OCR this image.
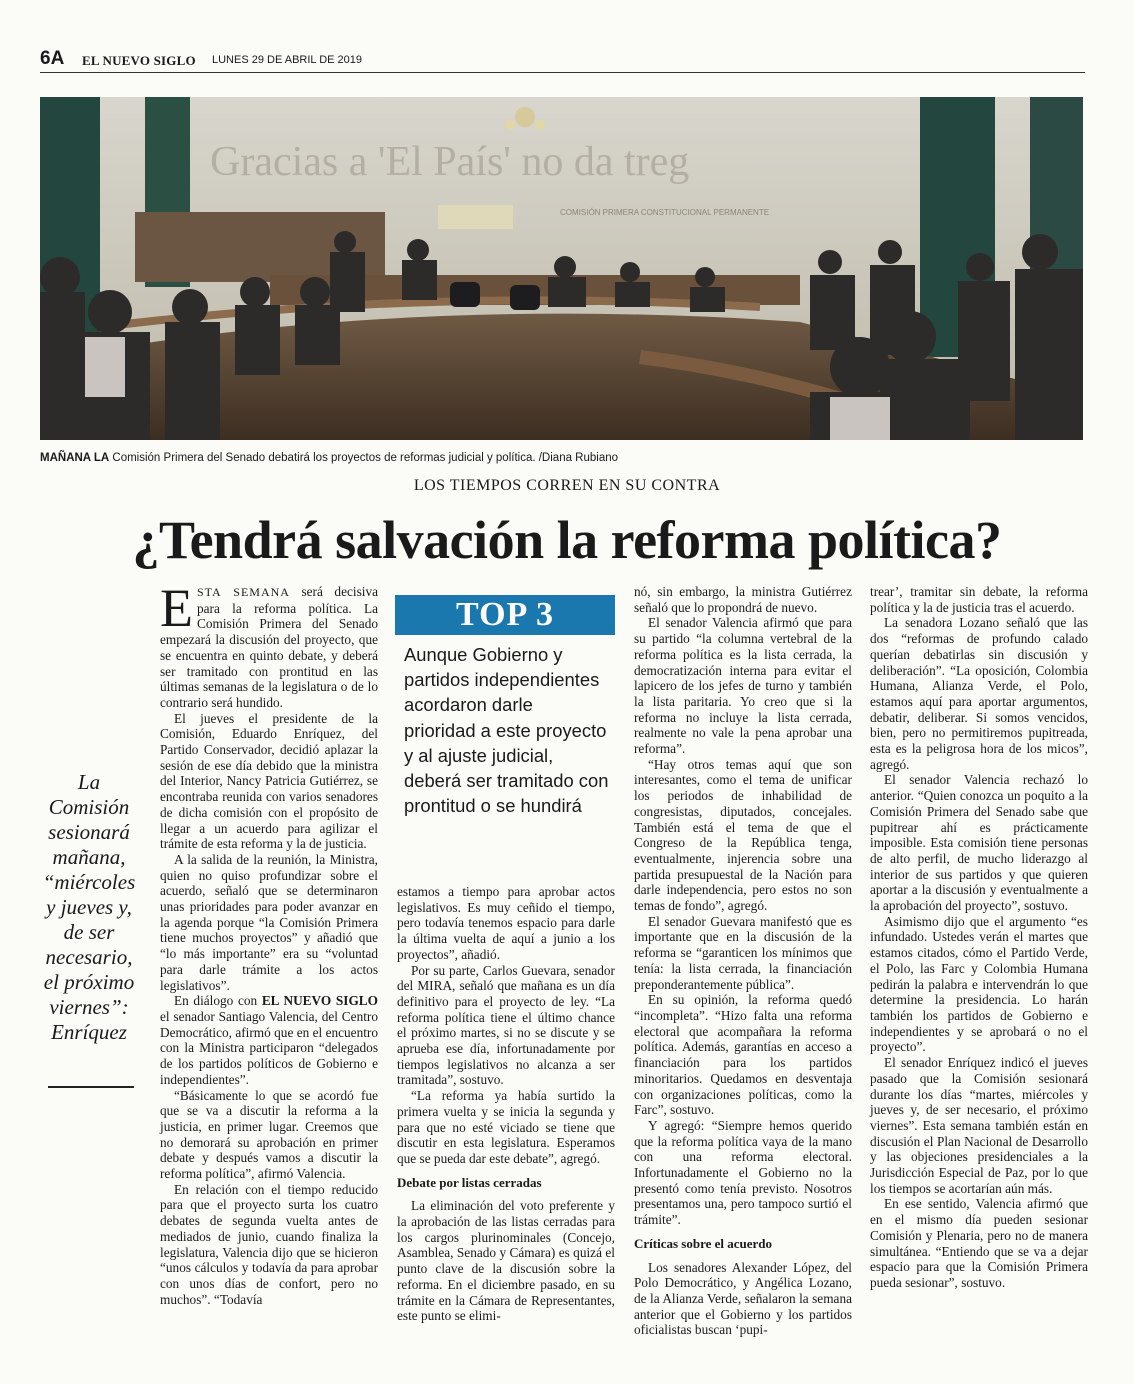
6A EL NUEVO SIGLO LUNES 29 DE ABRIL DE 2019
Gracias a 'El País' no da treg
COMISIÓN PRIMERA CONSTITUCIONAL PERMANENTE
MAÑANA LA Comisión Primera del Senado debatirá los proyectos de reformas judicial y política. /Diana Rubiano
LOS TIEMPOS CORREN EN SU CONTRA
¿Tendrá salvación la reforma política?
La Comisión sesionará mañana, “miércoles y jueves y, de ser necesario, el próximo viernes”: Enríquez

ESTA SEMANA será decisiva para la reforma política. La Comisión Primera del Senado empezará la discusión del proyecto, que se encuentra en quinto debate, y deberá ser tramitado con prontitud en las últimas semanas de la legislatura o de lo contrario será hundido.

El jueves el presidente de la Comisión, Eduardo Enríquez, del Partido Conservador, decidió aplazar la sesión de ese día debido que la ministra del Interior, Nancy Patricia Gutiérrez, se encontraba reunida con varios senadores de dicha comisión con el propósito de llegar a un acuerdo para agilizar el trámite de esta reforma y la de justicia.

A la salida de la reunión, la Ministra, quien no quiso profundizar sobre el acuerdo, señaló que se determinaron unas prioridades para poder avanzar en la agenda porque “la Comisión Primera tiene muchos proyectos” y añadió que “lo más importante” era su “voluntad para darle trámite a los actos legislativos”.

En diálogo con EL NUEVO SIGLO el senador Santiago Valencia, del Centro Democrático, afirmó que en el encuentro con la Ministra participaron “delegados de los partidos políticos de Gobierno e independientes”.

“Básicamente lo que se acordó fue que se va a discutir la reforma a la justicia, en primer lugar. Creemos que no demorará su aprobación en primer debate y después vamos a discutir la reforma política”, afirmó Valencia.

En relación con el tiempo reducido para que el proyecto surta los cuatro debates de segunda vuelta antes de mediados de junio, cuando finaliza la legislatura, Valencia dijo que se hicieron “unos cálculos y todavía da para aprobar con unos días de confort, pero no muchos”. “Todavía

TOP 3
Aunque Gobierno y partidos independientes acordaron darle prioridad a este proyecto y al ajuste judicial, deberá ser tramitado con prontitud o se hundirá

estamos a tiempo para aprobar actos legislativos. Es muy ceñido el tiempo, pero todavía tenemos espacio para darle la última vuelta de aquí a junio a los proyectos”, añadió.

Por su parte, Carlos Guevara, senador del MIRA, señaló que mañana es un día definitivo para el proyecto de ley. “La reforma política tiene el último chance el próximo martes, si no se discute y se aprueba ese día, infortunadamente por tiempos legislativos no alcanza a ser tramitada”, sostuvo.

“La reforma ya había surtido la primera vuelta y se inicia la segunda y para que no esté viciado se tiene que discutir en esta legislatura. Esperamos que se pueda dar este debate”, agregó.

Debate por listas cerradas

La eliminación del voto preferente y la aprobación de las listas cerradas para los cargos plurinominales (Concejo, Asamblea, Senado y Cámara) es quizá el punto clave de la discusión sobre la reforma. En el diciembre pasado, en su trámite en la Cámara de Representantes, este punto se elimi-

nó, sin embargo, la ministra Gutiérrez señaló que lo propondrá de nuevo.

El senador Valencia afirmó que para su partido “la columna vertebral de la reforma política es la lista cerrada, la democratización interna para evitar el lapicero de los jefes de turno y también la lista paritaria. Yo creo que si la reforma no incluye la lista cerrada, realmente no vale la pena aprobar una reforma”.

“Hay otros temas aquí que son interesantes, como el tema de unificar los periodos de inhabilidad de congresistas, diputados, concejales. También está el tema de que el Congreso de la República tenga, eventualmente, injerencia sobre una partida presupuestal de la Nación para darle independencia, pero estos no son temas de fondo”, agregó.

El senador Guevara manifestó que es importante que en la discusión de la reforma se “garanticen los mínimos que tenía: la lista cerrada, la financiación preponderantemente pública”.

En su opinión, la reforma quedó “incompleta”. “Hizo falta una reforma electoral que acompañara la reforma política. Además, garantías en acceso a financiación para los partidos minoritarios. Quedamos en desventaja con organizaciones políticas, como la Farc”, sostuvo.

Y agregó: “Siempre hemos querido que la reforma política vaya de la mano con una reforma electoral. Infortunadamente el Gobierno no la presentó como tenía previsto. Nosotros presentamos una, pero tampoco surtió el trámite”.

Críticas sobre el acuerdo

Los senadores Alexander López, del Polo Democrático, y Angélica Lozano, de la Alianza Verde, señalaron la semana anterior que el Gobierno y los partidos oficialistas buscan ‘pupi-

trear’, tramitar sin debate, la reforma política y la de justicia tras el acuerdo.

La senadora Lozano señaló que las dos “reformas de profundo calado querían debatirlas sin discusión y deliberación”. “La oposición, Colombia Humana, Alianza Verde, el Polo, estamos aquí para aportar argumentos, debatir, deliberar. Si somos vencidos, bien, pero no permitiremos pupitreada, esta es la peligrosa hora de los micos”, agregó.

El senador Valencia rechazó lo anterior. “Quien conozca un poquito a la Comisión Primera del Senado sabe que pupitrear ahí es prácticamente imposible. Esta comisión tiene personas de alto perfil, de mucho liderazgo al interior de sus partidos y que quieren aportar a la discusión y eventualmente a la aprobación del proyecto”, sostuvo.

Asimismo dijo que el argumento “es infundado. Ustedes verán el martes que estamos citados, cómo el Partido Verde, el Polo, las Farc y Colombia Humana pedirán la palabra e intervendrán lo que determine la presidencia. Lo harán también los partidos de Gobierno e independientes y se aprobará o no el proyecto”.

El senador Enríquez indicó el jueves pasado que la Comisión sesionará durante los días “martes, miércoles y jueves y, de ser necesario, el próximo viernes”. Esta semana también están en discusión el Plan Nacional de Desarrollo y las objeciones presidenciales a la Jurisdicción Especial de Paz, por lo que los tiempos se acortarían aún más.

En ese sentido, Valencia afirmó que en el mismo día pueden sesionar Comisión y Plenaria, pero no de manera simultánea. “Entiendo que se va a dejar espacio para que la Comisión Primera pueda sesionar”, sostuvo.
